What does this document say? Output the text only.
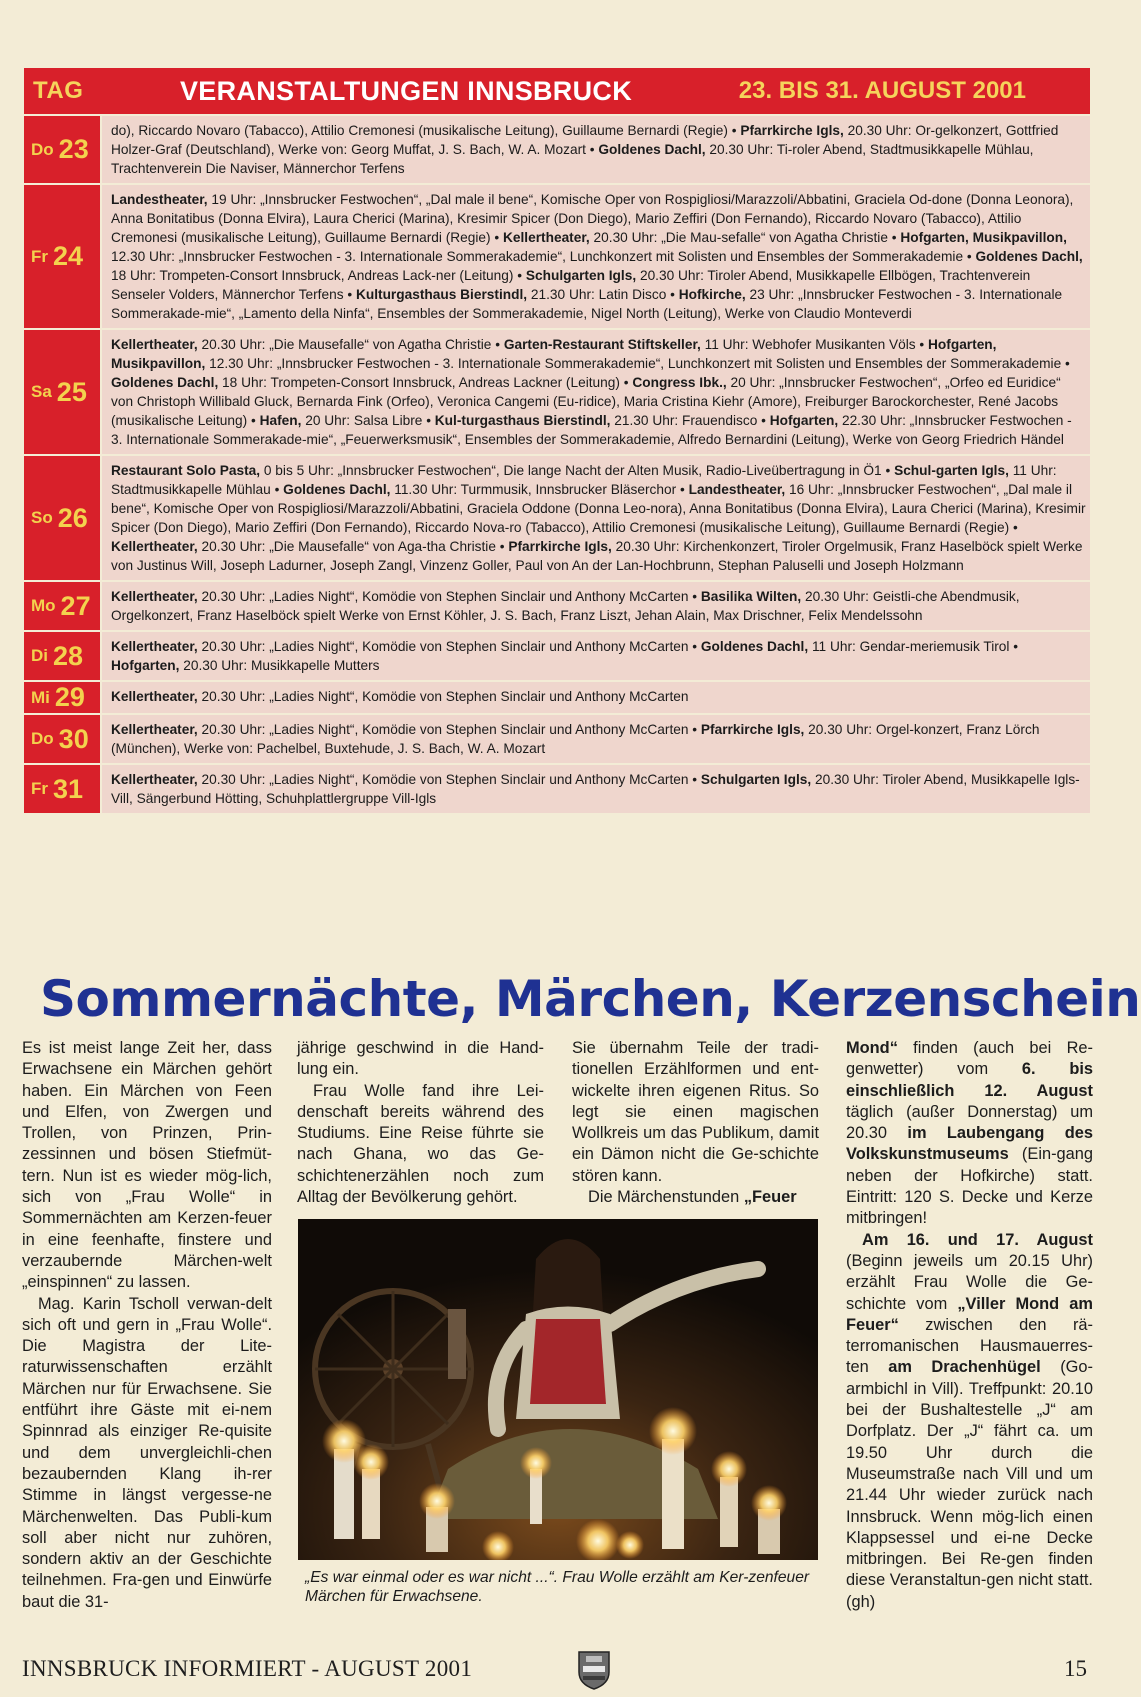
TAG	VERANSTALTUNGEN INNSBRUCK	23. BIS 31. AUGUST 2001
Do 23
do), Riccardo Novaro (Tabacco), Attilio Cremonesi (musikalische Leitung), Guillaume Bernardi (Regie) • Pfarrkirche Igls, 20.30 Uhr: Or-gelkonzert, Gottfried Holzer-Graf (Deutschland), Werke von: Georg Muffat, J. S. Bach, W. A. Mozart • Goldenes Dachl, 20.30 Uhr: Ti-roler Abend, Stadtmusikkapelle Mühlau, Trachtenverein Die Naviser, Männerchor Terfens
Fr 24
Landestheater, 19 Uhr: „Innsbrucker Festwochen“, „Dal male il bene“, Komische Oper von Rospigliosi/Marazzoli/Abbatini, Graciela Od-done (Donna Leonora), Anna Bonitatibus (Donna Elvira), Laura Cherici (Marina), Kresimir Spicer (Don Diego), Mario Zeffiri (Don Fernando), Riccardo Novaro (Tabacco), Attilio Cremonesi (musikalische Leitung), Guillaume Bernardi (Regie) • Kellertheater, 20.30 Uhr: „Die Mau-sefalle“ von Agatha Christie • Hofgarten, Musikpavillon, 12.30 Uhr: „Innsbrucker Festwochen - 3. Internationale Sommerakademie“, Lunchkonzert mit Solisten und Ensembles der Sommerakademie • Goldenes Dachl, 18 Uhr: Trompeten-Consort Innsbruck, Andreas Lack-ner (Leitung) • Schulgarten Igls, 20.30 Uhr: Tiroler Abend, Musikkapelle Ellbögen, Trachtenverein Senseler Volders, Männerchor Terfens • Kulturgasthaus Bierstindl, 21.30 Uhr: Latin Disco • Hofkirche, 23 Uhr: „Innsbrucker Festwochen - 3. Internationale Sommerakade-mie“, „Lamento della Ninfa“, Ensembles der Sommerakademie, Nigel North (Leitung), Werke von Claudio Monteverdi
Sa 25
Kellertheater, 20.30 Uhr: „Die Mausefalle“ von Agatha Christie • Garten-Restaurant Stiftskeller, 11 Uhr: Webhofer Musikanten Völs • Hofgarten, Musikpavillon, 12.30 Uhr: „Innsbrucker Festwochen - 3. Internationale Sommerakademie“, Lunchkonzert mit Solisten und Ensembles der Sommerakademie • Goldenes Dachl, 18 Uhr: Trompeten-Consort Innsbruck, Andreas Lackner (Leitung) • Congress Ibk., 20 Uhr: „Innsbrucker Festwochen“, „Orfeo ed Euridice“ von Christoph Willibald Gluck, Bernarda Fink (Orfeo), Veronica Cangemi (Eu-ridice), Maria Cristina Kiehr (Amore), Freiburger Barockorchester, René Jacobs (musikalische Leitung) • Hafen, 20 Uhr: Salsa Libre • Kul-turgasthaus Bierstindl, 21.30 Uhr: Frauendisco • Hofgarten, 22.30 Uhr: „Innsbrucker Festwochen - 3. Internationale Sommerakade-mie“, „Feuerwerksmusik“, Ensembles der Sommerakademie, Alfredo Bernardini (Leitung), Werke von Georg Friedrich Händel
So 26
Restaurant Solo Pasta, 0 bis 5 Uhr: „Innsbrucker Festwochen“, Die lange Nacht der Alten Musik, Radio-Liveübertragung in Ö1 • Schul-garten Igls, 11 Uhr: Stadtmusikkapelle Mühlau • Goldenes Dachl, 11.30 Uhr: Turmmusik, Innsbrucker Bläserchor • Landestheater, 16 Uhr: „Innsbrucker Festwochen“, „Dal male il bene“, Komische Oper von Rospigliosi/Marazzoli/Abbatini, Graciela Oddone (Donna Leo-nora), Anna Bonitatibus (Donna Elvira), Laura Cherici (Marina), Kresimir Spicer (Don Diego), Mario Zeffiri (Don Fernando), Riccardo Nova-ro (Tabacco), Attilio Cremonesi (musikalische Leitung), Guillaume Bernardi (Regie) • Kellertheater, 20.30 Uhr: „Die Mausefalle“ von Aga-tha Christie • Pfarrkirche Igls, 20.30 Uhr: Kirchenkonzert, Tiroler Orgelmusik, Franz Haselböck spielt Werke von Justinus Will, Joseph Ladurner, Joseph Zangl, Vinzenz Goller, Paul von An der Lan-Hochbrunn, Stephan Paluselli und Joseph Holzmann
Mo 27	Kellertheater, 20.30 Uhr: „Ladies Night“, Komödie von Stephen Sinclair und Anthony McCarten • Basilika Wilten, 20.30 Uhr: Geistli-che Abendmusik, Orgelkonzert, Franz Haselböck spielt Werke von Ernst Köhler, J. S. Bach, Franz Liszt, Jehan Alain, Max Drischner, Felix Mendelssohn
Di 28	Kellertheater, 20.30 Uhr: „Ladies Night“, Komödie von Stephen Sinclair und Anthony McCarten • Goldenes Dachl, 11 Uhr: Gendar-meriemusik Tirol • Hofgarten, 20.30 Uhr: Musikkapelle Mutters
Mi 29	Kellertheater, 20.30 Uhr: „Ladies Night“, Komödie von Stephen Sinclair und Anthony McCarten
Do 30	Kellertheater, 20.30 Uhr: „Ladies Night“, Komödie von Stephen Sinclair und Anthony McCarten • Pfarrkirche Igls, 20.30 Uhr: Orgel-konzert, Franz Lörch (München), Werke von: Pachelbel, Buxtehude, J. S. Bach, W. A. Mozart
Fr 31	Kellertheater, 20.30 Uhr: „Ladies Night“, Komödie von Stephen Sinclair und Anthony McCarten • Schulgarten Igls, 20.30 Uhr: Tiroler Abend, Musikkapelle Igls-Vill, Sängerbund Hötting, Schuhplattlergruppe Vill-Igls
Sommernächte, Märchen, Kerzenschein

Es ist meist lange Zeit her, dass Erwachsene ein Märchen gehört haben. Ein Märchen von Feen und Elfen, von Zwergen und Trollen, von Prinzen, Prin-zessinnen und bösen Stiefmüt-tern. Nun ist es wieder mög-lich, sich von „Frau Wolle“ in Sommernächten am Kerzen-feuer in eine feenhafte, finstere und verzaubernde Märchen-welt „einspinnen“ zu lassen.

Mag. Karin Tscholl verwan-delt sich oft und gern in „Frau Wolle“. Die Magistra der Lite-raturwissenschaften erzählt Märchen nur für Erwachsene. Sie entführt ihre Gäste mit ei-nem Spinnrad als einziger Re-quisite und dem unvergleichli-chen bezaubernden Klang ih-rer Stimme in längst vergesse-ne Märchenwelten. Das Publi-kum soll aber nicht nur zuhören, sondern aktiv an der Geschichte teilnehmen. Fra-gen und Einwürfe baut die 31-

jährige geschwind in die Hand-lung ein.

Frau Wolle fand ihre Lei-denschaft bereits während des Studiums. Eine Reise führte sie nach Ghana, wo das Ge-schichtenerzählen noch zum Alltag der Bevölkerung gehört.

Sie übernahm Teile der tradi-tionellen Erzählformen und ent-wickelte ihren eigenen Ritus. So legt sie einen magischen Wollkreis um das Publikum, damit ein Dämon nicht die Ge-schichte stören kann.

Die Märchenstunden „Feuer

Mond“ finden (auch bei Re-genwetter) vom 6. bis einschließlich 12. August täglich (außer Donnerstag) um 20.30 im Laubengang des Volkskunstmuseums (Ein-gang neben der Hofkirche) statt. Eintritt: 120 S. Decke und Kerze mitbringen!

Am 16. und 17. August (Beginn jeweils um 20.15 Uhr) erzählt Frau Wolle die Ge-schichte vom „Viller Mond am Feuer“ zwischen den rä-terromanischen Hausmauerres-ten am Drachenhügel (Go-armbichl in Vill). Treffpunkt: 20.10 bei der Bushaltestelle „J“ am Dorfplatz. Der „J“ fährt ca. um 19.50 Uhr durch die Museumstraße nach Vill und um 21.44 Uhr wieder zurück nach Innsbruck. Wenn mög-lich einen Klappsessel und ei-ne Decke mitbringen. Bei Re-gen finden diese Veranstaltun-gen nicht statt. (gh)

„Es war einmal oder es war nicht ...“. Frau Wolle erzählt am Ker-zenfeuer Märchen für Erwachsene.

INNSBRUCK INFORMIERT - AUGUST 2001	15
